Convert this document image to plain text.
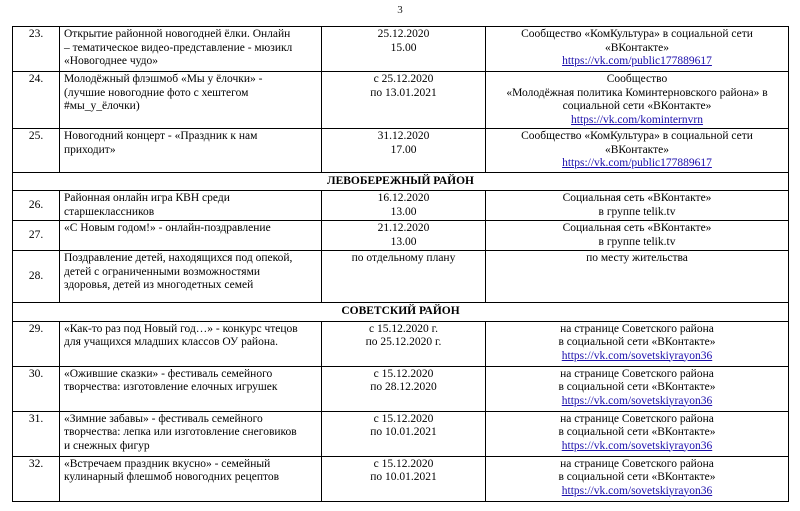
3
23.	Открытие районной новогодней ёлки. Онлайн
– тематическое видео-представление - мюзикл
«Новогоднее чудо»	25.12.2020
15.00	Сообщество «КомКультура» в социальной сети
«ВКонтакте»
https://vk.com/public177889617

24.	Молодёжный флэшмоб «Мы у ёлочки» -
(лучшие новогодние фото с хештегом
#мы_у_ёлочки)	с 25.12.2020
по 13.01.2021	Сообщество
«Молодёжная политика Коминтерновского района» в
социальной сети «ВКонтакте»
https://vk.com/kominternvrn

25.	Новогодний концерт - «Праздник к нам
приходит»	31.12.2020
17.00	Сообщество «КомКультура» в социальной сети
«ВКонтакте»
https://vk.com/public177889617

ЛЕВОБЕРЕЖНЫЙ РАЙОН			
26.	Районная онлайн игра КВН среди
старшеклассников	16.12.2020
13.00	Социальная сеть «ВКонтакте»
в группе telik.tv

27.	«С Новым годом!» - онлайн-поздравление	21.12.2020
13.00	Социальная сеть «ВКонтакте»
в группе telik.tv

28.	Поздравление детей, находящихся под опекой,
детей с ограниченными возможностями
здоровья, детей из многодетных семей	по отдельному плану	по месту жительства

СОВЕТСКИЙ РАЙОН			
29.	«Как-то раз под Новый год…» - конкурс чтецов
для учащихся младших классов ОУ района.	с 15.12.2020 г.
по 25.12.2020 г.	на странице Советского района
в социальной сети «ВКонтакте»
https://vk.com/sovetskiyrayon36

30.	«Ожившие сказки» - фестиваль семейного
творчества: изготовление елочных игрушек	с 15.12.2020
по 28.12.2020	на странице Советского района
в социальной сети «ВКонтакте»
https://vk.com/sovetskiyrayon36

31.	«Зимние забавы» - фестиваль семейного
творчества: лепка или изготовление снеговиков
и снежных фигур	с 15.12.2020
по 10.01.2021	на странице Советского района
в социальной сети «ВКонтакте»
https://vk.com/sovetskiyrayon36

32.	«Встречаем праздник вкусно» - семейный
кулинарный флешмоб новогодних рецептов	с 15.12.2020
по 10.01.2021	на странице Советского района
в социальной сети «ВКонтакте»
https://vk.com/sovetskiyrayon36
